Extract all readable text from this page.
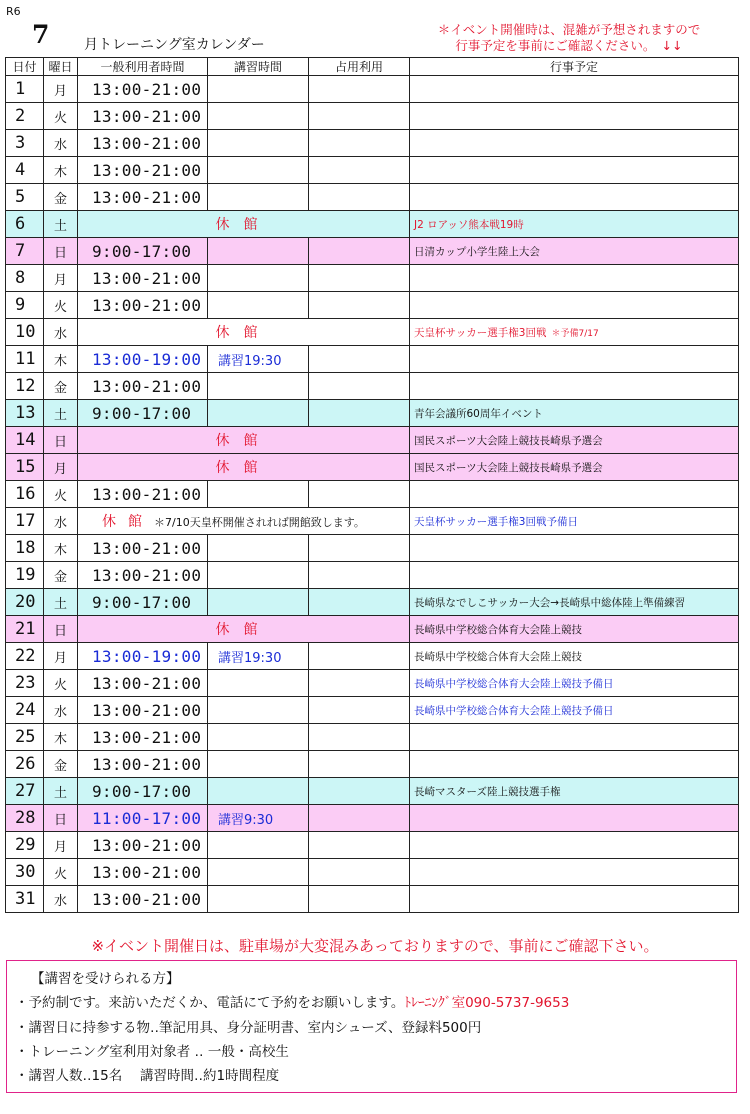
R6
7 月トレーニング室カレンダー
＊イベント開催時は、混雑が予想されますので
行事予定を事前にご確認ください。　↓↓
日付	曜日	一般利用者時間	講習時間	占用利用	行事予定
1	月	13:00-21:00			
2	火	13:00-21:00			
3	水	13:00-21:00			
4	木	13:00-21:00			
5	金	13:00-21:00			
6	土	休館			J2 ロアッソ熊本戦19時
7	日	9:00-17:00			日清カップ小学生陸上大会
8	月	13:00-21:00			
9	火	13:00-21:00			
10	水	休館			天皇杯サッカー選手権3回戦 ＊予備7/17
11	木	13:00-19:00	講習19:30		
12	金	13:00-21:00			
13	土	9:00-17:00			青年会議所60周年イベント
14	日	休館			国民スポーツ大会陸上競技長崎県予選会
15	月	休館			国民スポーツ大会陸上競技長崎県予選会
16	火	13:00-21:00			
17	水	休館＊7/10天皇杯開催されれば開館致します。			天皇杯サッカー選手権3回戦予備日
18	木	13:00-21:00			
19	金	13:00-21:00			
20	土	9:00-17:00			長崎県なでしこサッカー大会→長崎県中総体陸上準備練習
21	日	休館			長崎県中学校総合体育大会陸上競技
22	月	13:00-19:00	講習19:30		長崎県中学校総合体育大会陸上競技
23	火	13:00-21:00			長崎県中学校総合体育大会陸上競技予備日
24	水	13:00-21:00			長崎県中学校総合体育大会陸上競技予備日
25	木	13:00-21:00			
26	金	13:00-21:00			
27	土	9:00-17:00			長崎マスターズ陸上競技選手権
28	日	11:00-17:00	講習9:30		
29	月	13:00-21:00			
30	火	13:00-21:00			
31	水	13:00-21:00			
※イベント開催日は、駐車場が大変混みあっておりますので、事前にご確認下さい。
【講習を受けられる方】
・予約制です。来訪いただくか、電話にて予約をお願いします。ﾄﾚｰﾆﾝｸﾞ室090-5737-9653
・講習日に持参する物‥筆記用具、身分証明書、室内シューズ、登録料500円
・トレーニング室利用対象者 ‥ 一般・高校生
・講習人数‥15名　 講習時間‥約1時間程度
